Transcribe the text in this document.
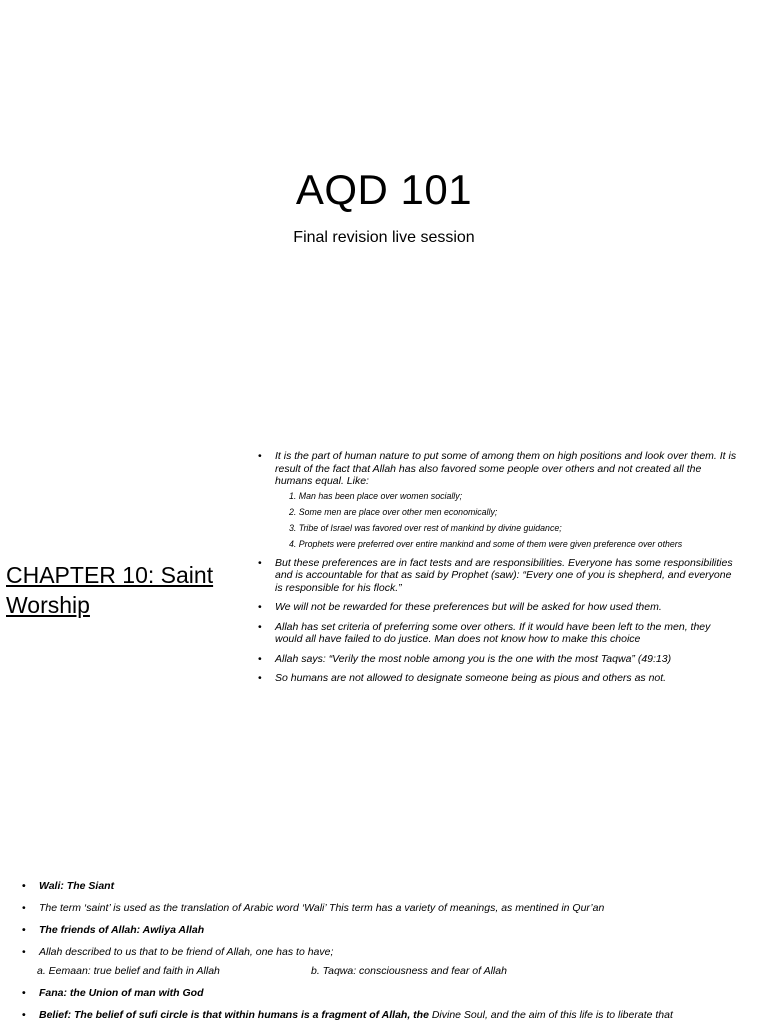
AQD 101

Final revision live session

CHAPTER 10: Saint Worship
• It is the part of human nature to put some of among them on high positions and look over them. It is result of the fact that Allah has also favored some people over others and not created all the humans equal. Like:
1. Man has been place over women socially;
2. Some men are place over other men economically;
3. Tribe of Israel was favored over rest of mankind by divine guidance;
4. Prophets were preferred over entire mankind and some of them were given preference over others
• But these preferences are in fact tests and are responsibilities. Everyone has some responsibilities and is accountable for that as said by Prophet (saw): “Every one of you is shepherd, and everyone is responsible for his flock.”
• We will not be rewarded for these preferences but will be asked for how used them.
• Allah has set criteria of preferring some over others. If it would have been left to the men, they would all have failed to do justice. Man does not know how to make this choice
• Allah says: “Verily the most noble among you is the one with the most Taqwa” (49:13)
• So humans are not allowed to designate someone being as pious and others as not.
• Wali: The Siant
• The term ‘saint’ is used as the translation of Arabic word ‘Wali’ This term has a variety of meanings, as mentined in Qur’an
• The friends of Allah: Awliya Allah
• Allah described to us that to be friend of Allah, one has to have;
a. Eemaan: true belief and faith in Allah	b. Taqwa: consciousness and fear of Allah
• Fana: the Union of man with God
• Belief: The belief of sufi circle is that within humans is a fragment of Allah, the Divine Soul, and the aim of this life is to liberate that
